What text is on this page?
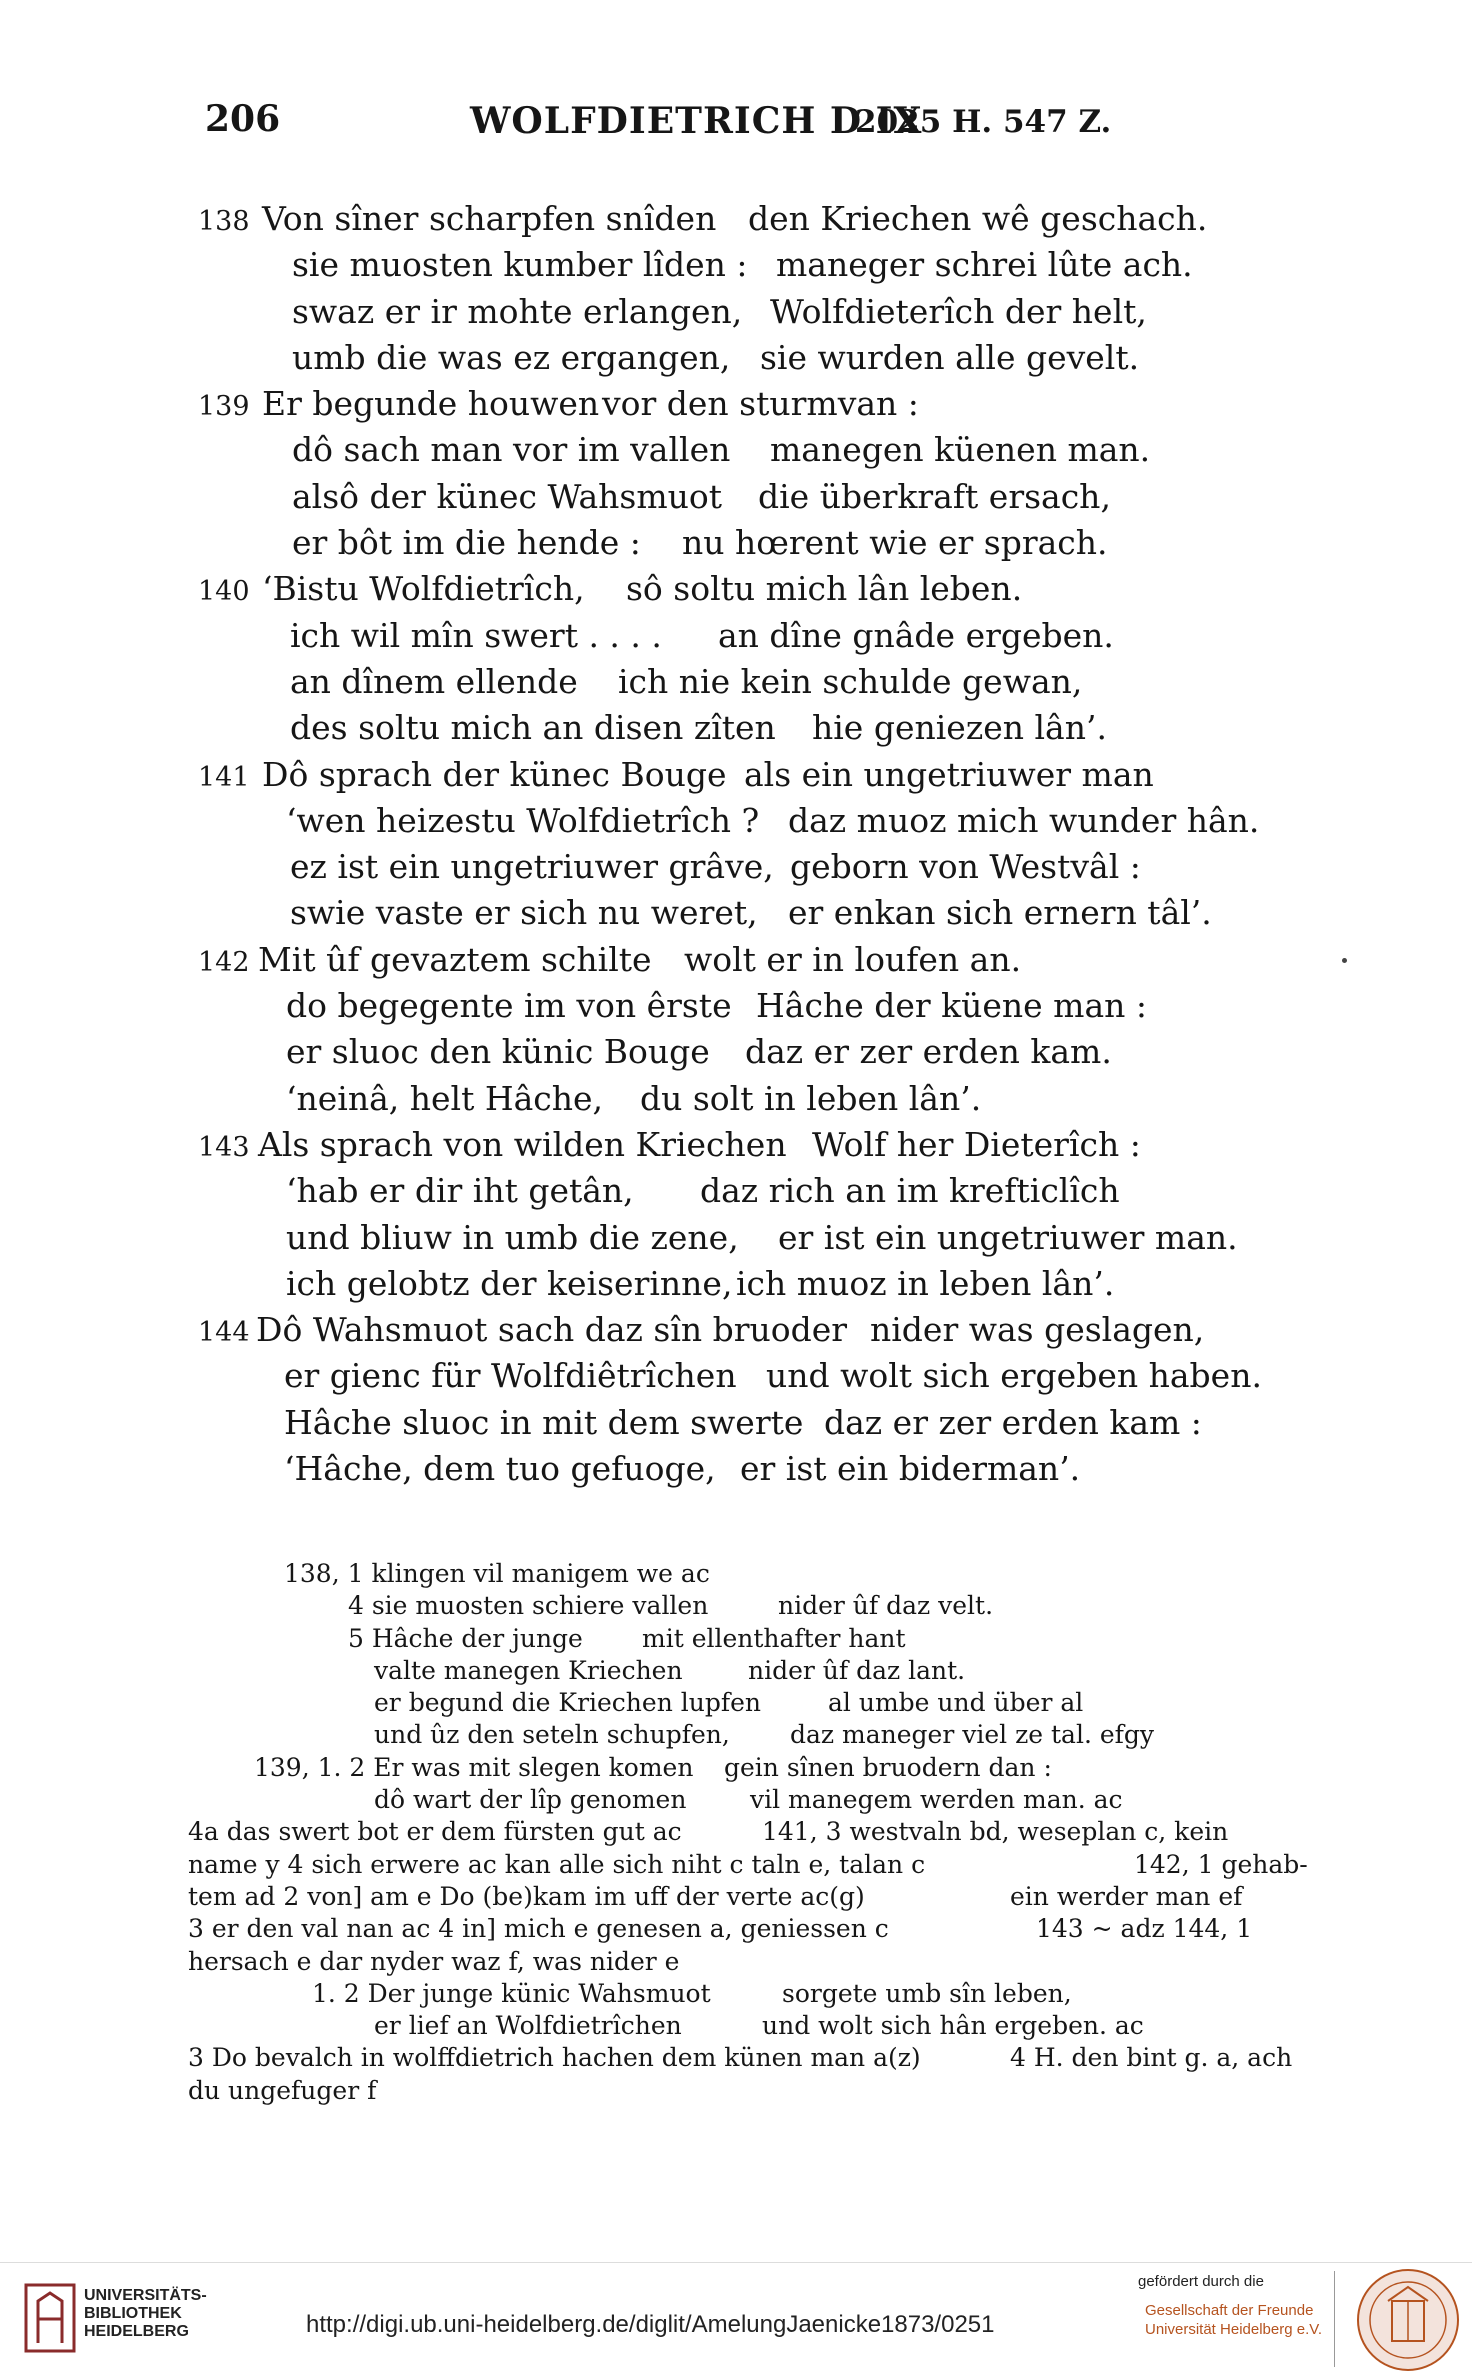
206	WOLFDIETRICH D IX
2025 H. 547 Z.
138 Von sîner scharpfen snîden den Kriechen wê geschach.
sie muosten kumber lîden : maneger schrei lûte ach.
swaz er ir mohte erlangen, Wolfdieterîch der helt,
umb die was ez ergangen, sie wurden alle gevelt.
139 Er begunde houwen vor den sturmvan :
dô sach man vor im vallen manegen küenen man.
alsô der künec Wahsmuot die überkraft ersach,
er bôt im die hende : nu hœrent wie er sprach.
140 ‘Bistu Wolfdietrîch, sô soltu mich lân leben.
ich wil mîn swert . . . . an dîne gnâde ergeben.
an dînem ellende ich nie kein schulde gewan,
des soltu mich an disen zîten hie geniezen lân’.
141 Dô sprach der künec Bouge als ein ungetriuwer man
‘wen heizestu Wolfdietrîch ? daz muoz mich wunder hân.
ez ist ein ungetriuwer grâve, geborn von Westvâl :
swie vaste er sich nu weret, er enkan sich ernern tâl’.
142 Mit ûf gevaztem schilte wolt er in loufen an.
do begegente im von êrste Hâche der küene man :
er sluoc den künic Bouge daz er zer erden kam.
‘neinâ, helt Hâche, du solt in leben lân’.
143 Als sprach von wilden Kriechen Wolf her Dieterîch :
‘hab er dir iht getân, daz rich an im krefticlîch
und bliuw in umb die zene, er ist ein ungetriuwer man.
ich gelobtz der keiserinne, ich muoz in leben lân’.
144 Dô Wahsmuot sach daz sîn bruoder nider was geslagen,
er gienc für Wolfdiêtrîchen und wolt sich ergeben haben.
Hâche sluoc in mit dem swerte daz er zer erden kam :
‘Hâche, dem tuo gefuoge, er ist ein biderman’.
138, 1 klingen vil manigem we ac
4 sie muosten schiere vallen	nider ûf daz velt.
5 Hâche der junge mit ellenthafter hant
valte manegen Kriechen	nider ûf daz lant.
er begund die Kriechen lupfen	al umbe und über al
und ûz den seteln schupfen, daz maneger viel ze tal. efgy
139, 1. 2 Er was mit slegen komen gein sînen bruodern dan :
dô wart der lîp genomen	vil manegem werden man. ac
4a das swert bot er dem fürsten gut ac	141, 3 westvaln bd, weseplan c, kein
name y 4 sich erwere ac kan alle sich niht c taln e, talan c	142, 1 gehab-
tem ad 2 von] am e Do (be)kam im uff der verte ac(g)	ein werder man ef
3 er den val nan ac 4 in] mich e genesen a, geniessen c	143 ~ adz 144, 1
hersach e dar nyder waz f, was nider e
1. 2 Der junge künic Wahsmuot	sorgete umb sîn leben,
er lief an Wolfdietrîchen	und wolt sich hân ergeben. ac
3 Do bevalch in wolffdietrich hachen dem künen man a(z)	4 H. den bint g. a, ach
du ungefuger f
UNIVERSITÄTS-
BIBLIOTHEK
HEIDELBERG	http://digi.ub.uni-heidelberg.de/diglit/AmelungJaenicke1873/0251
gefördert durch die
Gesellschaft der Freunde
Universität Heidelberg e.V.
